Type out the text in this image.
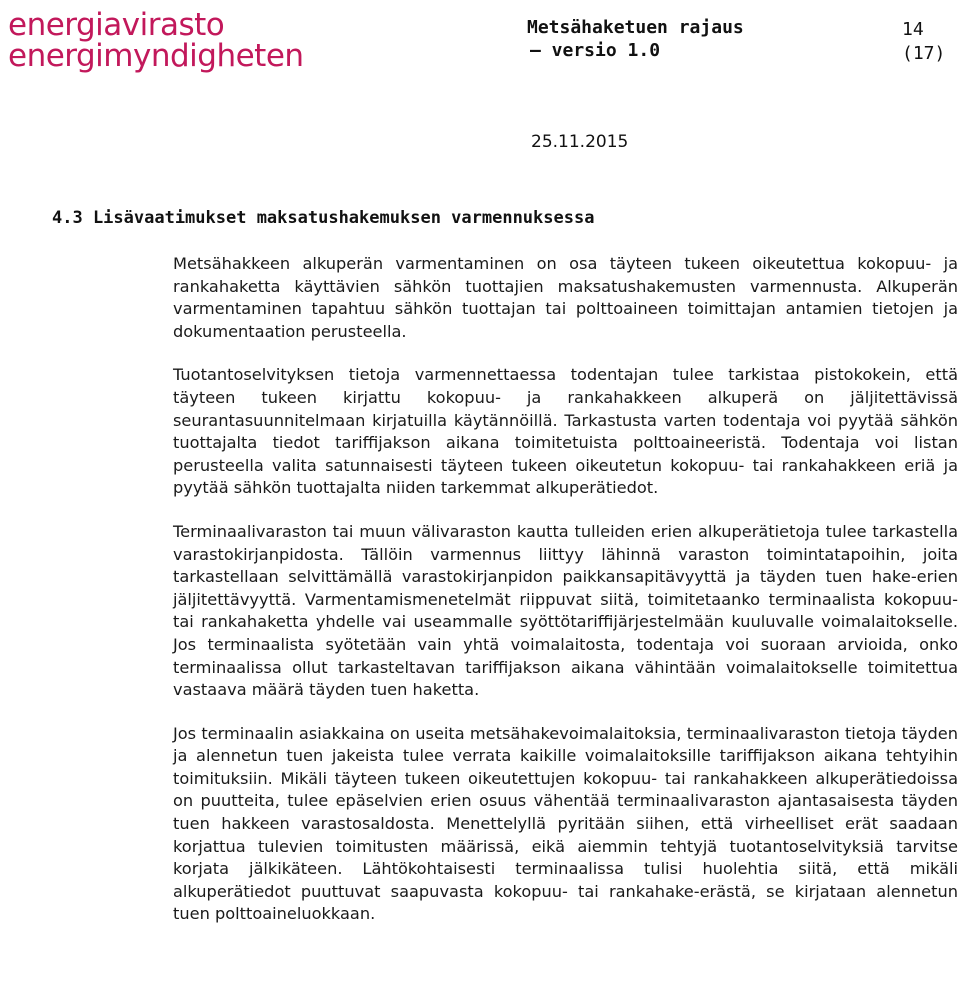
energiavirasto
energimyndigheten
Metsähaketuen rajaus
– versio 1.0
14
(17)
25.11.2015
4.3 Lisävaatimukset maksatushakemuksen varmennuksessa

Metsähakkeen alkuperän varmentaminen on osa täyteen tukeen oikeutettua kokopuu- ja rankahaketta käyttävien sähkön tuottajien maksatushakemusten varmennusta. Alkuperän varmentaminen tapahtuu sähkön tuottajan tai polttoaineen toimittajan antamien tietojen ja dokumentaation perusteella.

Tuotantoselvityksen tietoja varmennettaessa todentajan tulee tarkistaa pistokokein, että täyteen tukeen kirjattu kokopuu- ja rankahakkeen alkuperä on jäljitettävissä seurantasuunnitelmaan kirjatuilla käytännöillä. Tarkastusta varten todentaja voi pyytää sähkön tuottajalta tiedot tariffijakson aikana toimitetuista polttoaineeristä. Todentaja voi listan perusteella valita satunnaisesti täyteen tukeen oikeutetun kokopuu- tai rankahakkeen eriä ja pyytää sähkön tuottajalta niiden tarkemmat alkuperätiedot.

Terminaalivaraston tai muun välivaraston kautta tulleiden erien alkuperätietoja tulee tarkastella varastokirjanpidosta. Tällöin varmennus liittyy lähinnä varaston toimintatapoihin, joita tarkastellaan selvittämällä varastokirjanpidon paikkansapitävyyttä ja täyden tuen hake-erien jäljitettävyyttä. Varmentamismenetelmät riippuvat siitä, toimitetaanko terminaalista kokopuu- tai rankahaketta yhdelle vai useammalle syöttötariffijärjestelmään kuuluvalle voimalaitokselle. Jos terminaalista syötetään vain yhtä voimalaitosta, todentaja voi suoraan arvioida, onko terminaalissa ollut tarkasteltavan tariffijakson aikana vähintään voimalaitokselle toimitettua vastaava määrä täyden tuen haketta.

Jos terminaalin asiakkaina on useita metsähakevoimalaitoksia, terminaalivaraston tietoja täyden ja alennetun tuen jakeista tulee verrata kaikille voimalaitoksille tariffijakson aikana tehtyihin toimituksiin. Mikäli täyteen tukeen oikeutettujen kokopuu- tai rankahakkeen alkuperätiedoissa on puutteita, tulee epäselvien erien osuus vähentää terminaalivaraston ajantasaisesta täyden tuen hakkeen varastosaldosta. Menettelyllä pyritään siihen, että virheelliset erät saadaan korjattua tulevien toimitusten määrissä, eikä aiemmin tehtyjä tuotantoselvityksiä tarvitse korjata jälkikäteen. Lähtökohtaisesti terminaalissa tulisi huolehtia siitä, että mikäli alkuperätiedot puuttuvat saapuvasta kokopuu- tai rankahake-erästä, se kirjataan alennetun tuen polttoaineluokkaan.
